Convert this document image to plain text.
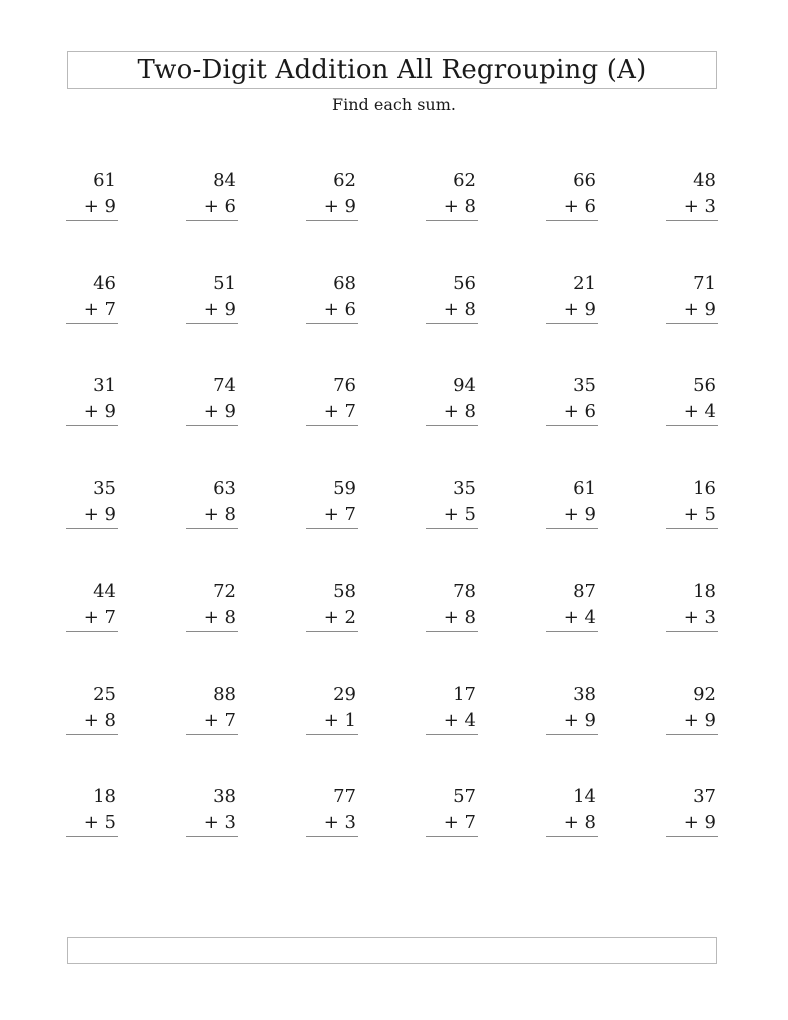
Two-Digit Addition All Regrouping (A)
Find each sum.
61
+ 9
84
+ 6
62
+ 9
62
+ 8
66
+ 6
48
+ 3
46
+ 7
51
+ 9
68
+ 6
56
+ 8
21
+ 9
71
+ 9
31
+ 9
74
+ 9
76
+ 7
94
+ 8
35
+ 6
56
+ 4
35
+ 9
63
+ 8
59
+ 7
35
+ 5
61
+ 9
16
+ 5
44
+ 7
72
+ 8
58
+ 2
78
+ 8
87
+ 4
18
+ 3
25
+ 8
88
+ 7
29
+ 1
17
+ 4
38
+ 9
92
+ 9
18
+ 5
38
+ 3
77
+ 3
57
+ 7
14
+ 8
37
+ 9
